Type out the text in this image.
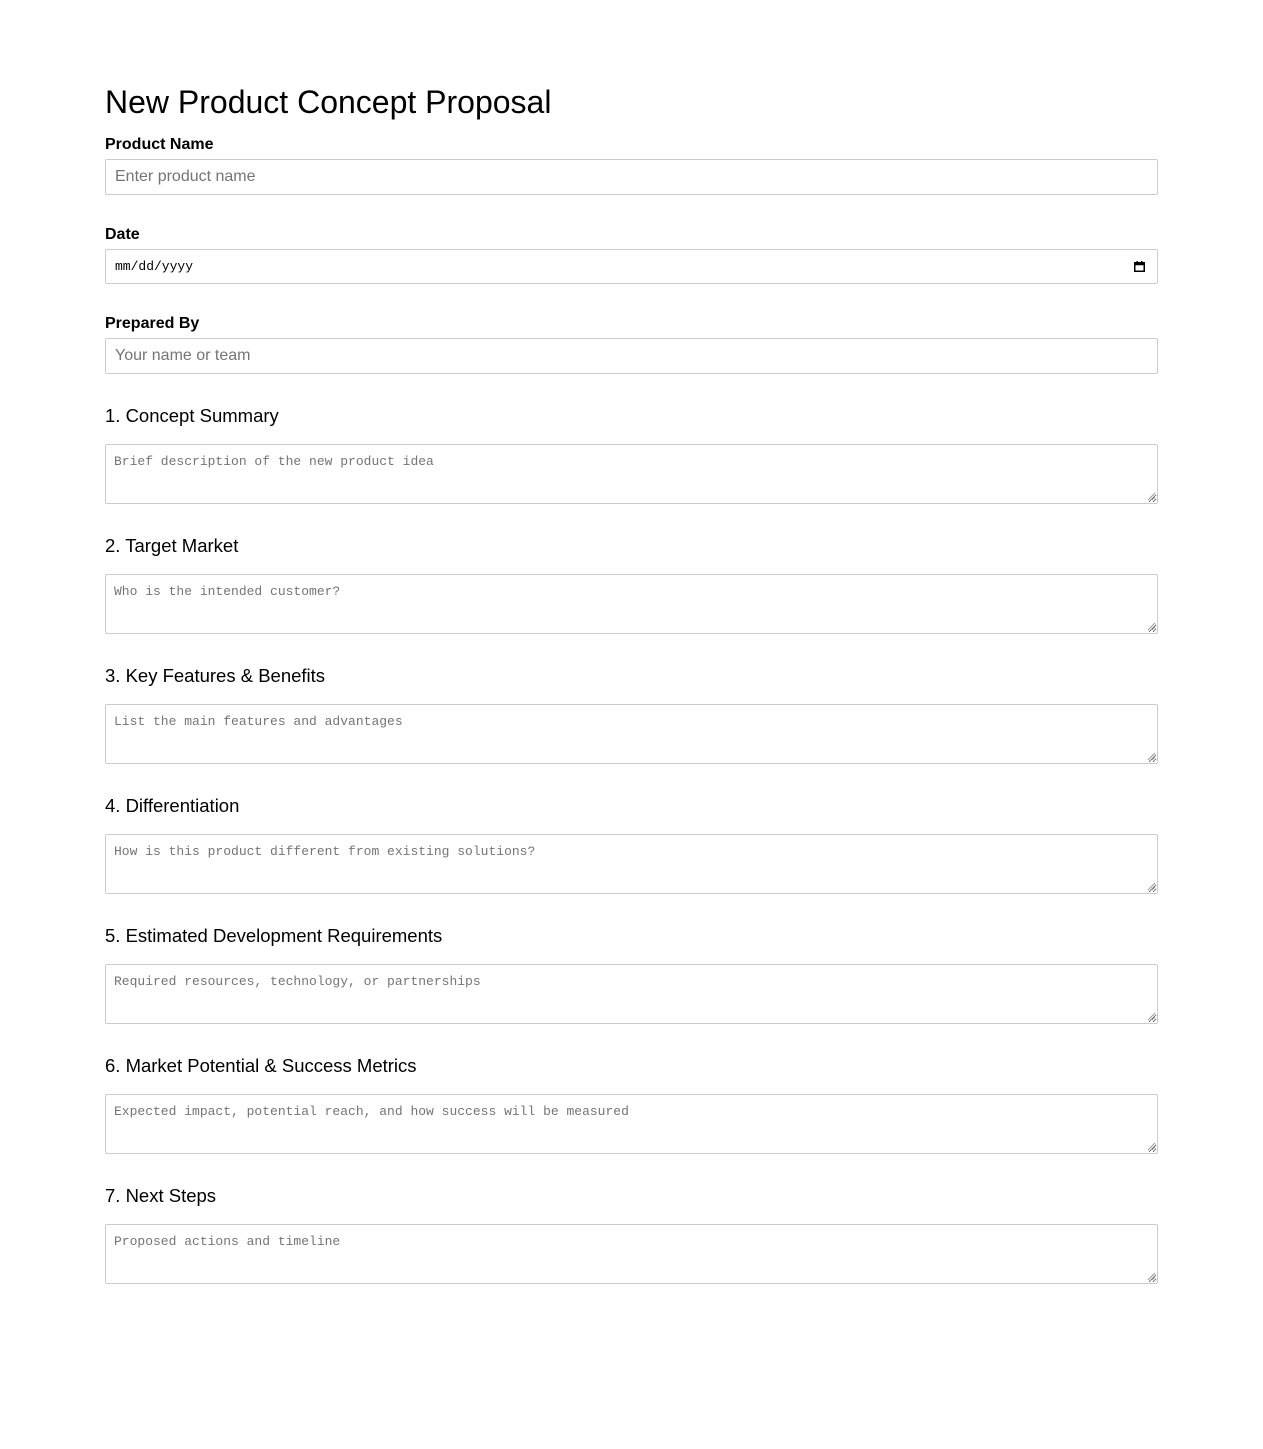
New Product Concept Proposal
Product Name
Enter product name
Date
mm/dd/yyyy
Prepared By
Your name or team
1. Concept Summary
Brief description of the new product idea
2. Target Market
Who is the intended customer?
3. Key Features & Benefits
List the main features and advantages
4. Differentiation
How is this product different from existing solutions?
5. Estimated Development Requirements
Required resources, technology, or partnerships
6. Market Potential & Success Metrics
Expected impact, potential reach, and how success will be measured
7. Next Steps
Proposed actions and timeline
